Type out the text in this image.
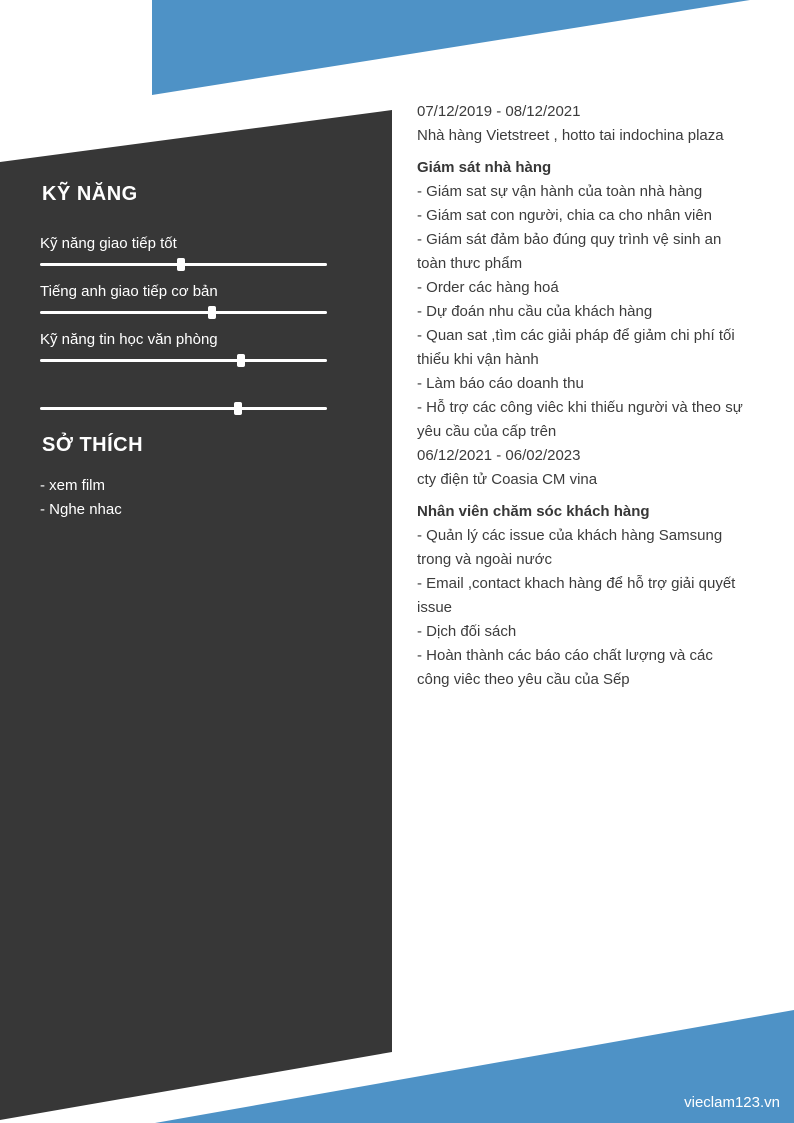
KỸ NĂNG
Kỹ năng giao tiếp tốt
Tiếng anh giao tiếp cơ bản
Kỹ năng tin học văn phòng
SỞ THÍCH
- xem film
- Nghe nhac
07/12/2019 - 08/12/2021
Nhà hàng Vietstreet , hotto tai indochina plaza
Giám sát nhà hàng
- Giám sat sự vận hành của toàn nhà hàng
- Giám sat con người, chia ca cho nhân viên
- Giám sát đảm bảo đúng quy trình vệ sinh an
toàn thưc phẩm
- Order các hàng hoá
- Dự đoán nhu cầu của khách hàng
- Quan sat ,tìm các giải pháp để giảm chi phí tối
thiểu khi vận hành
- Làm báo cáo doanh thu
- Hỗ trợ các công viêc khi thiếu người và theo sự
yêu cầu của cấp trên
06/12/2021 - 06/02/2023
cty điện tử Coasia CM vina
Nhân viên chăm sóc khách hàng
- Quản lý các issue của khách hàng Samsung
trong và ngoài nước
- Email ,contact khach hàng để hỗ trợ giải quyết
issue
- Dịch đối sách
- Hoàn thành các báo cáo chất lượng và các
công viêc theo yêu cầu của Sếp
vieclam123.vn
